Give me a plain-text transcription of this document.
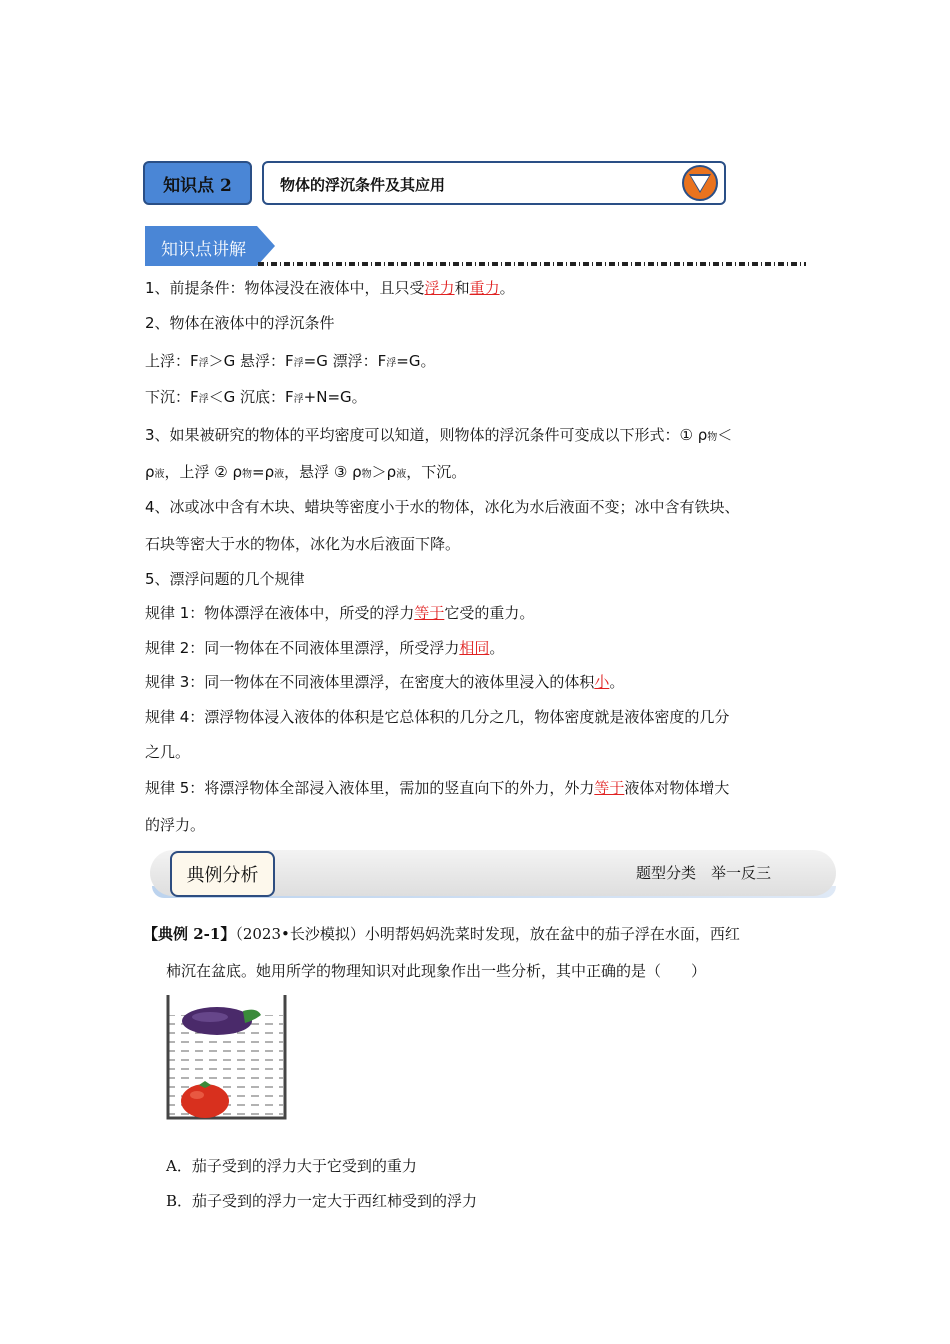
知识点 2	物体的浮沉条件及其应用
知识点讲解
1、前提条件：物体浸没在液体中，且只受浮力和重力。
2、物体在液体中的浮沉条件
上浮：F浮＞G 悬浮：F浮=G 漂浮：F浮=G。
下沉：F浮＜G 沉底：F浮+N=G。
3、如果被研究的物体的平均密度可以知道，则物体的浮沉条件可变成以下形式：① ρ物＜
ρ液，上浮 ② ρ物=ρ液，悬浮 ③ ρ物＞ρ液，下沉。
4、冰或冰中含有木块、蜡块等密度小于水的物体，冰化为水后液面不变；冰中含有铁块、
石块等密大于水的物体，冰化为水后液面下降。
5、漂浮问题的几个规律
规律 1：物体漂浮在液体中，所受的浮力等于它受的重力。
规律 2：同一物体在不同液体里漂浮，所受浮力相同。
规律 3：同一物体在不同液体里漂浮，在密度大的液体里浸入的体积小。
规律 4：漂浮物体浸入液体的体积是它总体积的几分之几，物体密度就是液体密度的几分
之几。
规律 5：将漂浮物体全部浸入液体里，需加的竖直向下的外力，外力等于液体对物体增大
的浮力。
典例分析	题型分类　举一反三
【典例 2-1】（2023•长沙模拟）小明帮妈妈洗菜时发现，放在盆中的茄子浮在水面，西红
柿沉在盆底。她用所学的物理知识对此现象作出一些分析，其中正确的是（　　）
A．茄子受到的浮力大于它受到的重力
B．茄子受到的浮力一定大于西红柿受到的浮力
